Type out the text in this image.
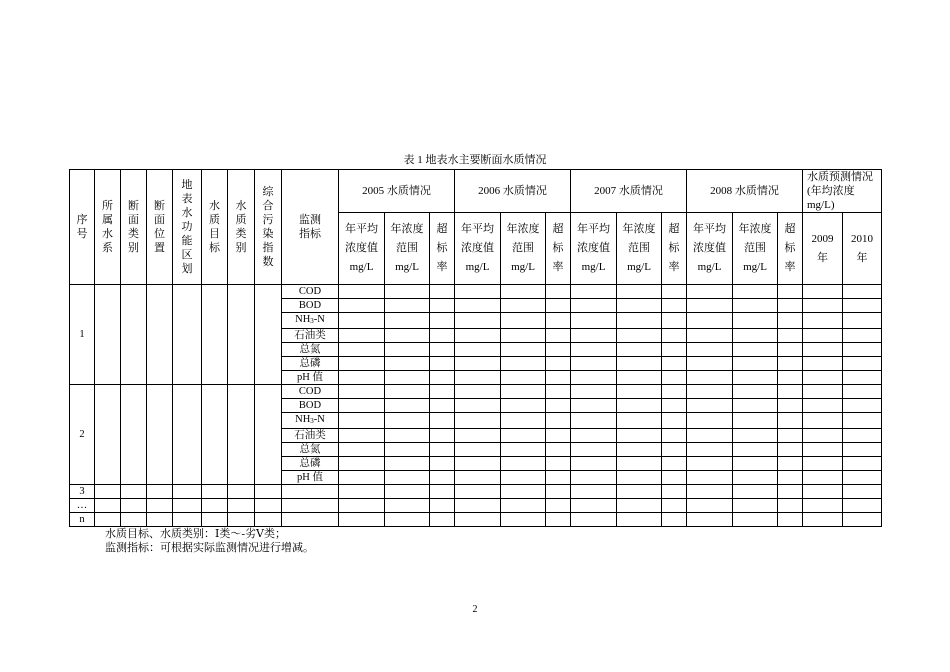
表 1 地表水主要断面水质情况
序号	所属水系	断面类别	断面位置	地表水功能区划	水质目标	水质类别	综合污染指数	监测指标	2005 水质情况			2006 水质情况			2007 水质情况			2008 水质情况			水质预测情况(年均浓度 mg/L)	
									年平均浓度值mg/L	年浓度范围mg/L	超标率	年平均浓度值mg/L	年浓度范围mg/L	超标率	年平均浓度值mg/L	年浓度范围mg/L	超标率	年平均浓度值mg/L	年浓度范围mg/L	超标率	2009年	2010年
1								COD														
								BOD														
								$NH_3-N$														
								石油类														
								总氮														
								总磷														
								pH 值														
2								COD														
								BOD														
								$NH_3-N$														
								石油类														
								总氮														
								总磷														
								pH 值														
3																						
…																						
n																						
水质目标、水质类别：Ⅰ类～-劣Ⅴ类；
监测指标：可根据实际监测情况进行增减。
2
